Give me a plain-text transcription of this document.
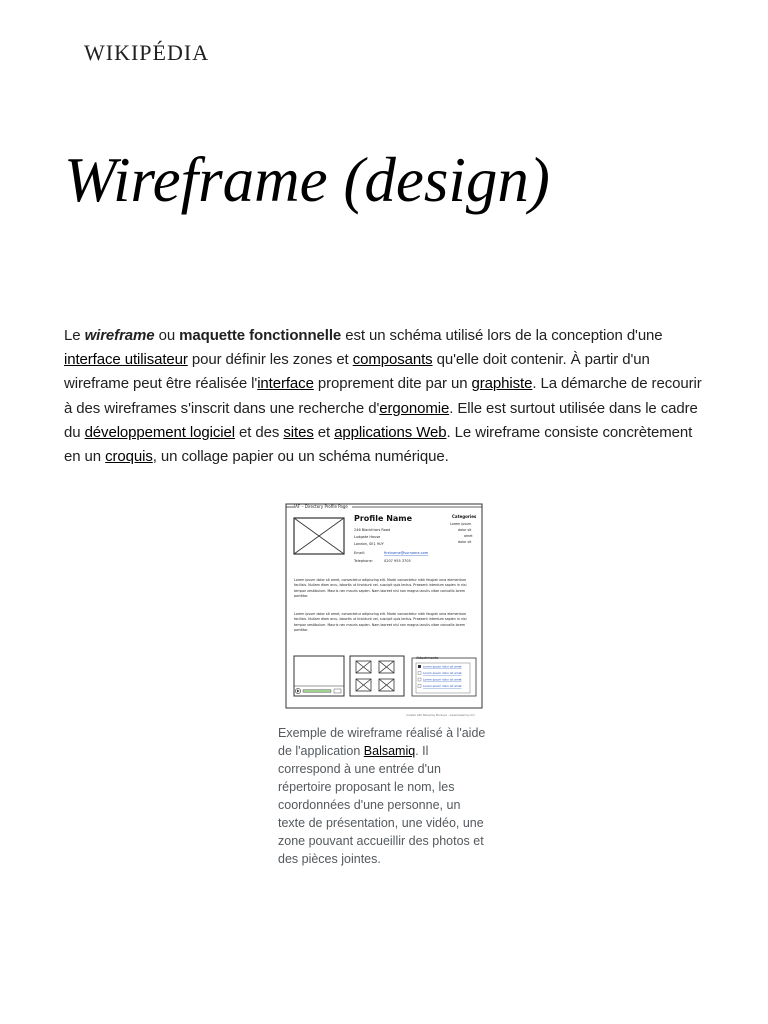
WIKIPÉDIA
Wireframe (design)

Le wireframe ou maquette fonctionnelle est un schéma utilisé lors de la conception d'une interface utilisateur pour définir les zones et composants qu'elle doit contenir. À partir d'un wireframe peut être réalisée l'interface proprement dite par un graphiste. La démarche de recourir à des wireframes s'inscrit dans une recherche d'ergonomie. Elle est surtout utilisée dans le cadre du développement logiciel et des sites et applications Web. Le wireframe consiste concrètement en un croquis, un collage papier ou un schéma numérique.

IAF – Directory Profile Page
Profile Name
246 Blackfriars Road
Ludgate House
London, SE1 9UY
Email:	firstname@surname.com
Telephone:	0207 955 3705
Categories
Lorem ipsum
dolor sit
amet
dolor sit
Lorem ipsum dolor sit amet, consectetur adipiscing elit. Morbi consectetur nibh feugiat urna elementum facilisis. Nullam diam arcu, lobortis ut tincidunt vel, suscipit quis lectus. Praesent interdum sapien in nisi tempor vestibulum. Mauris nec mauris sapien. Nam laoreet nisl non magna iaculis vitae convallis lorem porttitor.
Lorem ipsum dolor sit amet, consectetur adipiscing elit. Morbi consectetur nibh feugiat urna elementum facilisis. Nullam diam arcu, lobortis ut tincidunt vel, suscipit quis lectus. Praesent interdum sapien in nisi tempor vestibulum. Mauris nec mauris sapien. Nam laoreet nisl non magna iaculis vitae convallis lorem porttitor.
Attachments
Lorem ipsum dolor sit amet
Lorem ipsum dolor sit amet
Lorem ipsum dolor sit amet
Lorem ipsum dolor sit amet
created with Balsamiq Mockups - www.balsamiq.com

Exemple de wireframe réalisé à l'aide de l'application Balsamiq. Il correspond à une entrée d'un répertoire proposant le nom, les coordonnées d'une personne, un texte de présentation, une vidéo, une zone pouvant accueillir des photos et des pièces jointes.
